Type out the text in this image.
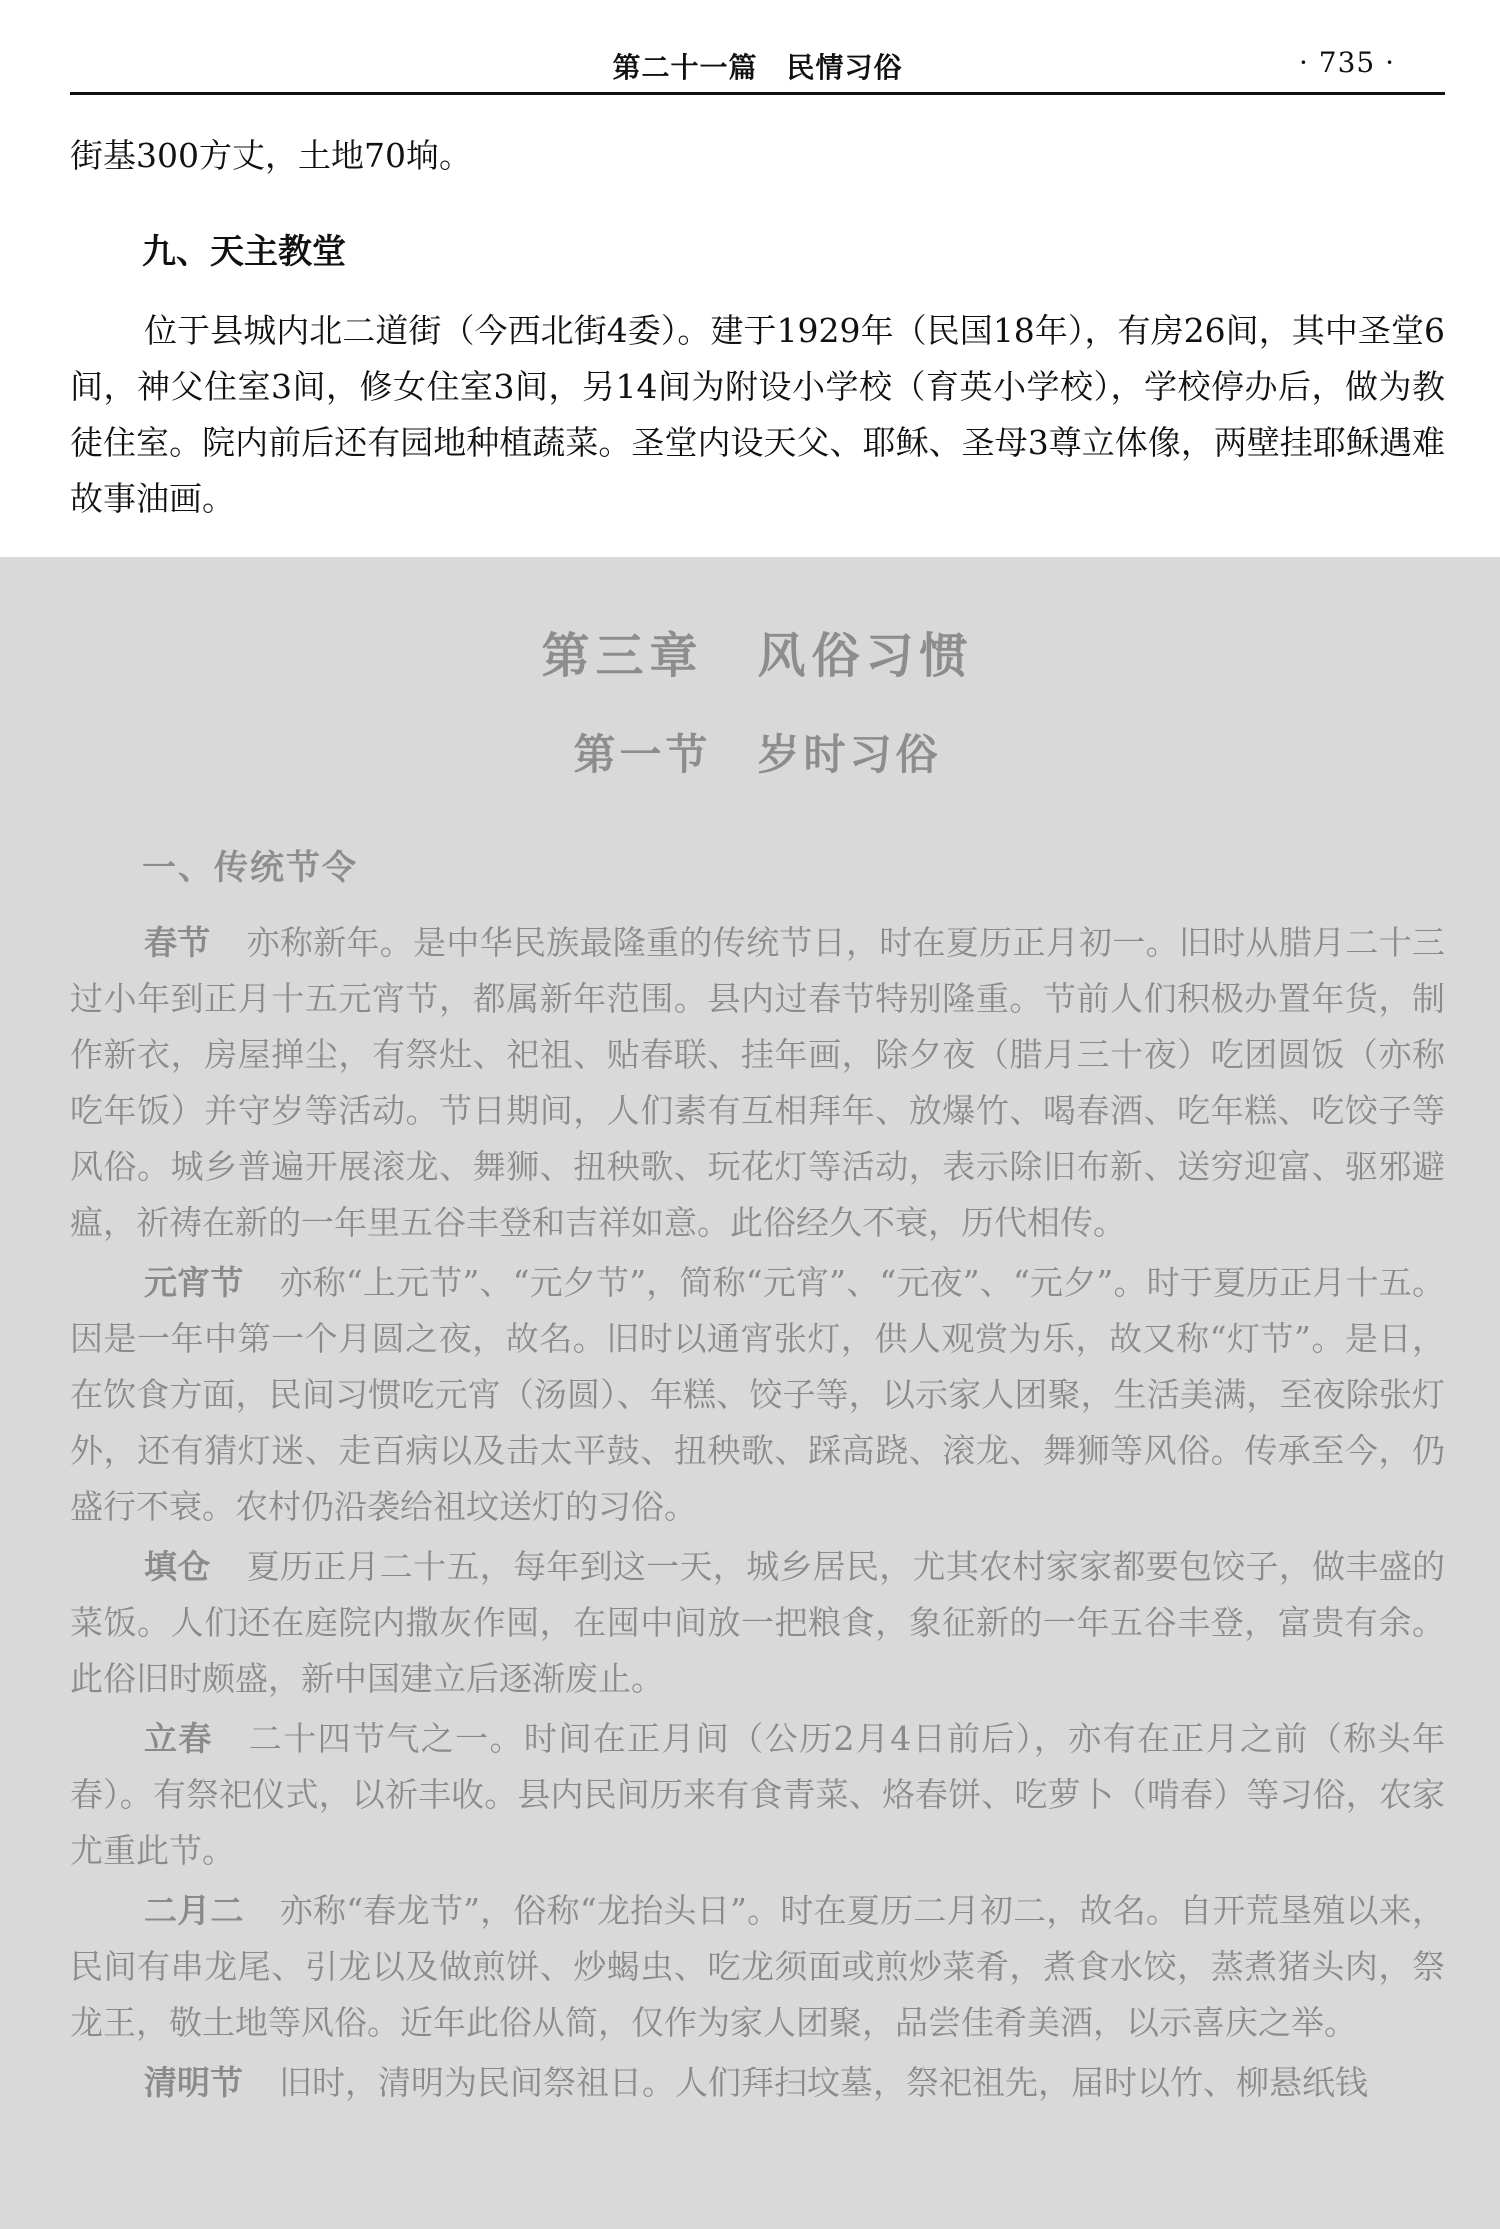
第二十一篇　民情习俗	· 735 ·

街基300方丈，土地70垧。

九、天主教堂

位于县城内北二道街（今西北街4委）。建于1929年（民国18年），有房26间，其中圣堂6间，神父住室3间，修女住室3间，另14间为附设小学校（育英小学校），学校停办后，做为教徒住室。院内前后还有园地种植蔬菜。圣堂内设天父、耶稣、圣母3尊立体像，两壁挂耶稣遇难故事油画。

第三章　风俗习惯
第一节　岁时习俗
一、传统节令

春节 亦称新年。是中华民族最隆重的传统节日，时在夏历正月初一。旧时从腊月二十三过小年到正月十五元宵节，都属新年范围。县内过春节特别隆重。节前人们积极办置年货，制作新衣，房屋掸尘，有祭灶、祀祖、贴春联、挂年画，除夕夜（腊月三十夜）吃团圆饭（亦称吃年饭）并守岁等活动。节日期间，人们素有互相拜年、放爆竹、喝春酒、吃年糕、吃饺子等风俗。城乡普遍开展滚龙、舞狮、扭秧歌、玩花灯等活动，表示除旧布新、送穷迎富、驱邪避瘟，祈祷在新的一年里五谷丰登和吉祥如意。此俗经久不衰，历代相传。

元宵节 亦称“上元节”、“元夕节”，简称“元宵”、“元夜”、“元夕”。时于夏历正月十五。因是一年中第一个月圆之夜，故名。旧时以通宵张灯，供人观赏为乐，故又称“灯节”。是日，在饮食方面，民间习惯吃元宵（汤圆）、年糕、饺子等，以示家人团聚，生活美满，至夜除张灯外，还有猜灯迷、走百病以及击太平鼓、扭秧歌、踩高跷、滚龙、舞狮等风俗。传承至今，仍盛行不衰。农村仍沿袭给祖坟送灯的习俗。

填仓 夏历正月二十五，每年到这一天，城乡居民，尤其农村家家都要包饺子，做丰盛的菜饭。人们还在庭院内撒灰作囤，在囤中间放一把粮食，象征新的一年五谷丰登，富贵有余。此俗旧时颇盛，新中国建立后逐渐废止。

立春 二十四节气之一。时间在正月间（公历2月4日前后），亦有在正月之前（称头年春）。有祭祀仪式，以祈丰收。县内民间历来有食青菜、烙春饼、吃萝卜（啃春）等习俗，农家尤重此节。

二月二 亦称“春龙节”，俗称“龙抬头日”。时在夏历二月初二，故名。自开荒垦殖以来，民间有串龙尾、引龙以及做煎饼、炒蝎虫、吃龙须面或煎炒菜肴，煮食水饺，蒸煮猪头肉，祭龙王，敬土地等风俗。近年此俗从简，仅作为家人团聚，品尝佳肴美酒，以示喜庆之举。

清明节 旧时，清明为民间祭祖日。人们拜扫坟墓，祭祀祖先，届时以竹、柳悬纸钱
